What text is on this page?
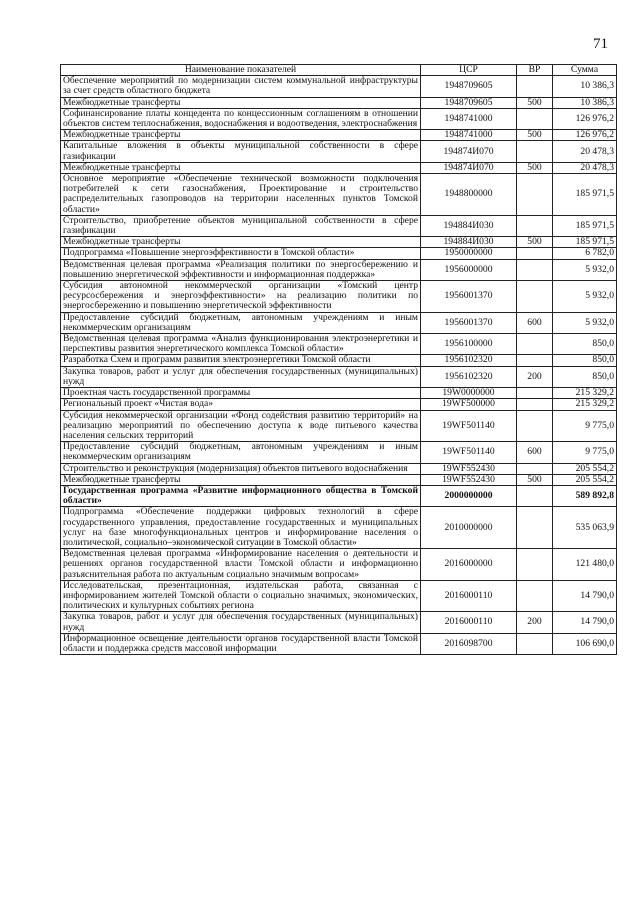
71
Наименование показателей	ЦСР	ВР	Сумма
Обеспечение мероприятий по модернизации систем коммунальной инфраструктуры за счет средств областного бюджета	1948709605		10 386,3
Межбюджетные трансферты	1948709605	500	10 386,3
Софинансирование платы концедента по концессионным соглашениям в отношении объектов систем теплоснабжения, водоснабжения и водоотведения, электроснабжения	1948741000		126 976,2
Межбюджетные трансферты	1948741000	500	126 976,2
Капитальные вложения в объекты муниципальной собственности в сфере газификации	194874И070		20 478,3
Межбюджетные трансферты	194874И070	500	20 478,3
Основное мероприятие «Обеспечение технической возможности подключения потребителей к сети газоснабжения, Проектирование и строительство распределительных газопроводов на территории населенных пунктов Томской области»	1948800000		185 971,5
Строительство, приобретение объектов муниципальной собственности в сфере газификации	194884И030		185 971,5
Межбюджетные трансферты	194884И030	500	185 971,5
Подпрограмма «Повышение энергоэффективности в Томской области»	1950000000		6 782,0
Ведомственная целевая программа «Реализация политики по энергосбережению и повышению энергетической эффективности и информационная поддержка»	1956000000		5 932,0
Субсидия автономной некоммерческой организации «Томский центр ресурсосбережения и энергоэффективности» на реализацию политики по энергосбережению и повышению энергетической эффективности	1956001370		5 932,0
Предоставление субсидий бюджетным, автономным учреждениям и иным некоммерческим организациям	1956001370	600	5 932,0
Ведомственная целевая программа «Анализ функционирования электроэнергетики и перспективы развития энергетического комплекса Томской области»	1956100000		850,0
Разработка Схем и программ развития электроэнергетики Томской области	1956102320		850,0
Закупка товаров, работ и услуг для обеспечения государственных (муниципальных) нужд	1956102320	200	850,0
Проектная часть государственной программы	19W0000000		215 329,2
Региональный проект «Чистая вода»	19WF500000		215 329,2
Субсидия некоммерческой организации «Фонд содействия развитию территорий» на реализацию мероприятий по обеспечению доступа к воде питьевого качества населения сельских территорий	19WF501140		9 775,0
Предоставление субсидий бюджетным, автономным учреждениям и иным некоммерческим организациям	19WF501140	600	9 775,0
Строительство и реконструкция (модернизация) объектов питьевого водоснабжения	19WF552430		205 554,2
Межбюджетные трансферты	19WF552430	500	205 554,2
Государственная программа «Развитие информационного общества в Томской области»	2000000000		589 892,8
Подпрограмма «Обеспечение поддержки цифровых технологий в сфере государственного управления, предоставление государственных и муниципальных услуг на базе многофункциональных центров и информирование населения о политической, социально–экономической ситуации в Томской области»	2010000000		535 063,9
Ведомственная целевая программа «Информирование населения о деятельности и решениях органов государственной власти Томской области и информационно разъяснительная работа по актуальным социально значимым вопросам»	2016000000		121 480,0
Исследовательская, презентационная, издательская работа, связанная с информированием жителей Томской области о социально значимых, экономических, политических и культурных событиях региона	2016000110		14 790,0
Закупка товаров, работ и услуг для обеспечения государственных (муниципальных) нужд	2016000110	200	14 790,0
Информационное освещение деятельности органов государственной власти Томской области и поддержка средств массовой информации	2016098700		106 690,0
